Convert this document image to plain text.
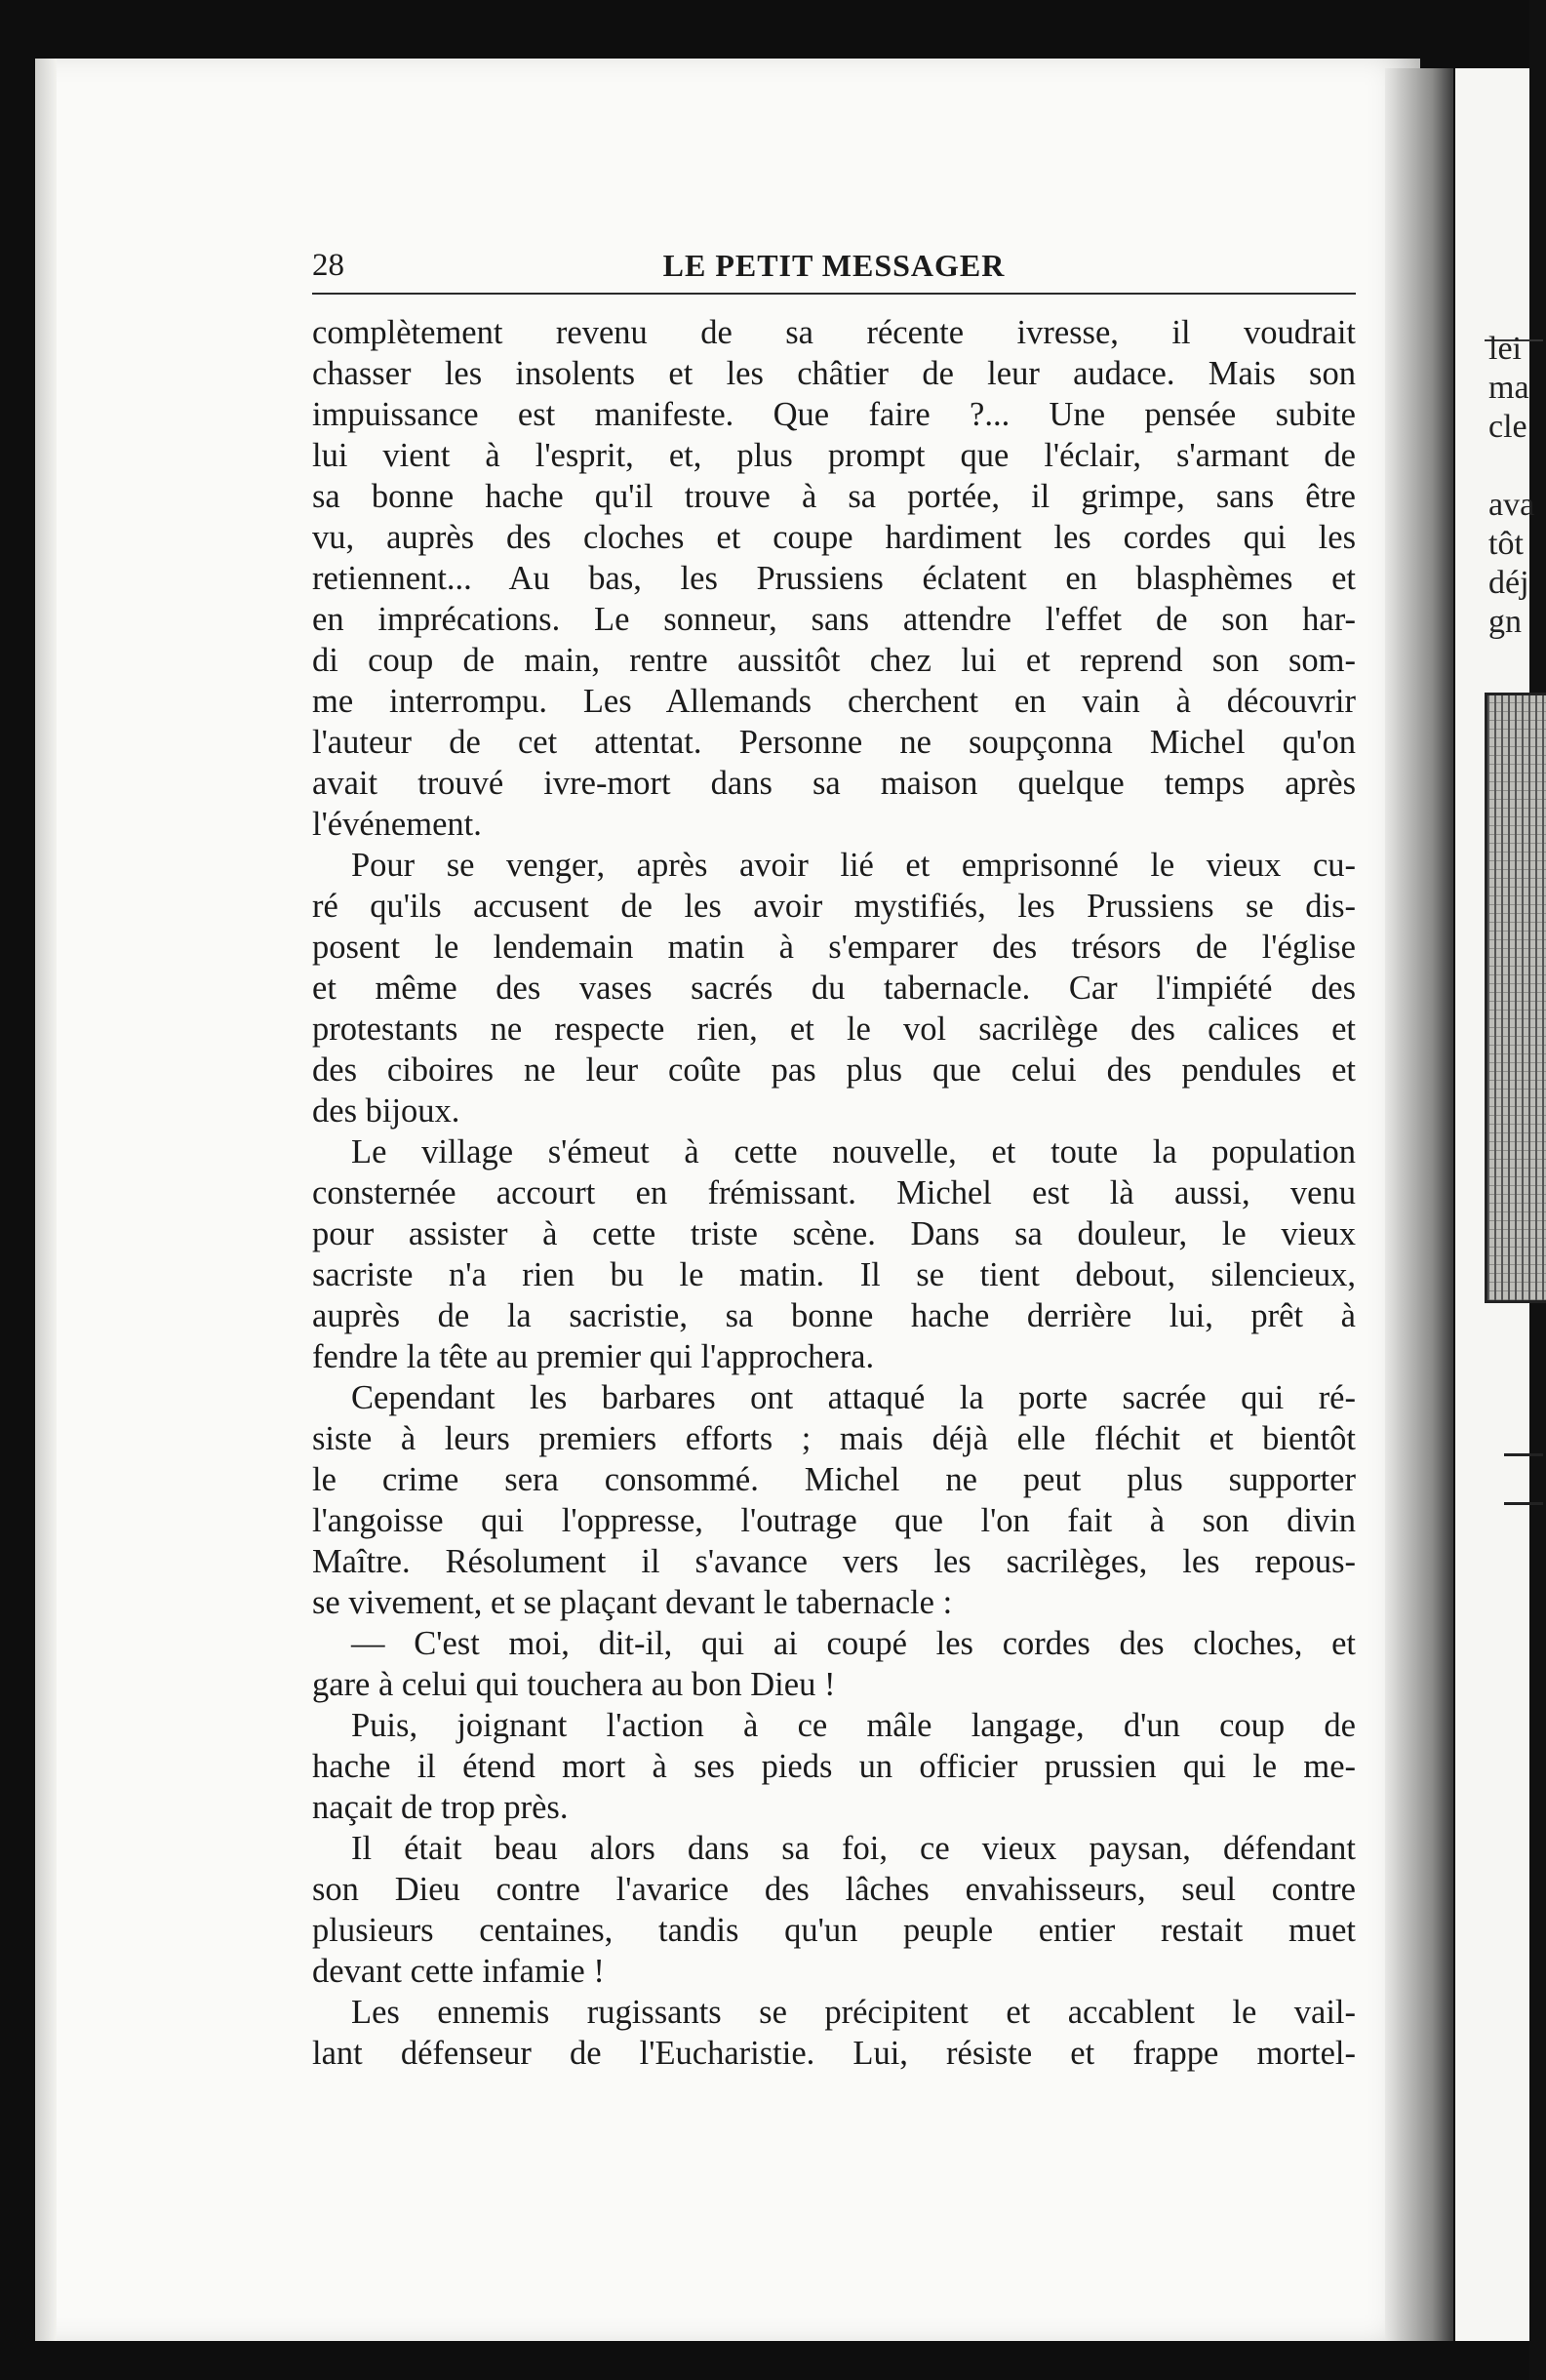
lei
ma
cle
ava
tôt
déj
gn
28	LE PETIT MESSAGER
complètement revenu de sa récente ivresse, il voudrait
chasser les insolents et les châtier de leur audace. Mais son
impuissance est manifeste. Que faire ?... Une pensée subite
lui vient à l'esprit, et, plus prompt que l'éclair, s'armant de
sa bonne hache qu'il trouve à sa portée, il grimpe, sans être
vu, auprès des cloches et coupe hardiment les cordes qui les
retiennent... Au bas, les Prussiens éclatent en blasphèmes et
en imprécations. Le sonneur, sans attendre l'effet de son har-
di coup de main, rentre aussitôt chez lui et reprend son som-
me interrompu. Les Allemands cherchent en vain à découvrir
l'auteur de cet attentat. Personne ne soupçonna Michel qu'on
avait trouvé ivre-mort dans sa maison quelque temps après
l'événement.
Pour se venger, après avoir lié et emprisonné le vieux cu-
ré qu'ils accusent de les avoir mystifiés, les Prussiens se dis-
posent le lendemain matin à s'emparer des trésors de l'église
et même des vases sacrés du tabernacle. Car l'impiété des
protestants ne respecte rien, et le vol sacrilège des calices et
des ciboires ne leur coûte pas plus que celui des pendules et
des bijoux.
Le village s'émeut à cette nouvelle, et toute la population
consternée accourt en frémissant. Michel est là aussi, venu
pour assister à cette triste scène. Dans sa douleur, le vieux
sacriste n'a rien bu le matin. Il se tient debout, silencieux,
auprès de la sacristie, sa bonne hache derrière lui, prêt à
fendre la tête au premier qui l'approchera.
Cependant les barbares ont attaqué la porte sacrée qui ré-
siste à leurs premiers efforts ; mais déjà elle fléchit et bientôt
le crime sera consommé. Michel ne peut plus supporter
l'angoisse qui l'oppresse, l'outrage que l'on fait à son divin
Maître. Résolument il s'avance vers les sacrilèges, les repous-
se vivement, et se plaçant devant le tabernacle :
— C'est moi, dit-il, qui ai coupé les cordes des cloches, et
gare à celui qui touchera au bon Dieu !
Puis, joignant l'action à ce mâle langage, d'un coup de
hache il étend mort à ses pieds un officier prussien qui le me-
naçait de trop près.
Il était beau alors dans sa foi, ce vieux paysan, défendant
son Dieu contre l'avarice des lâches envahisseurs, seul contre
plusieurs centaines, tandis qu'un peuple entier restait muet
devant cette infamie !
Les ennemis rugissants se précipitent et accablent le vail-
lant défenseur de l'Eucharistie. Lui, résiste et frappe mortel-
